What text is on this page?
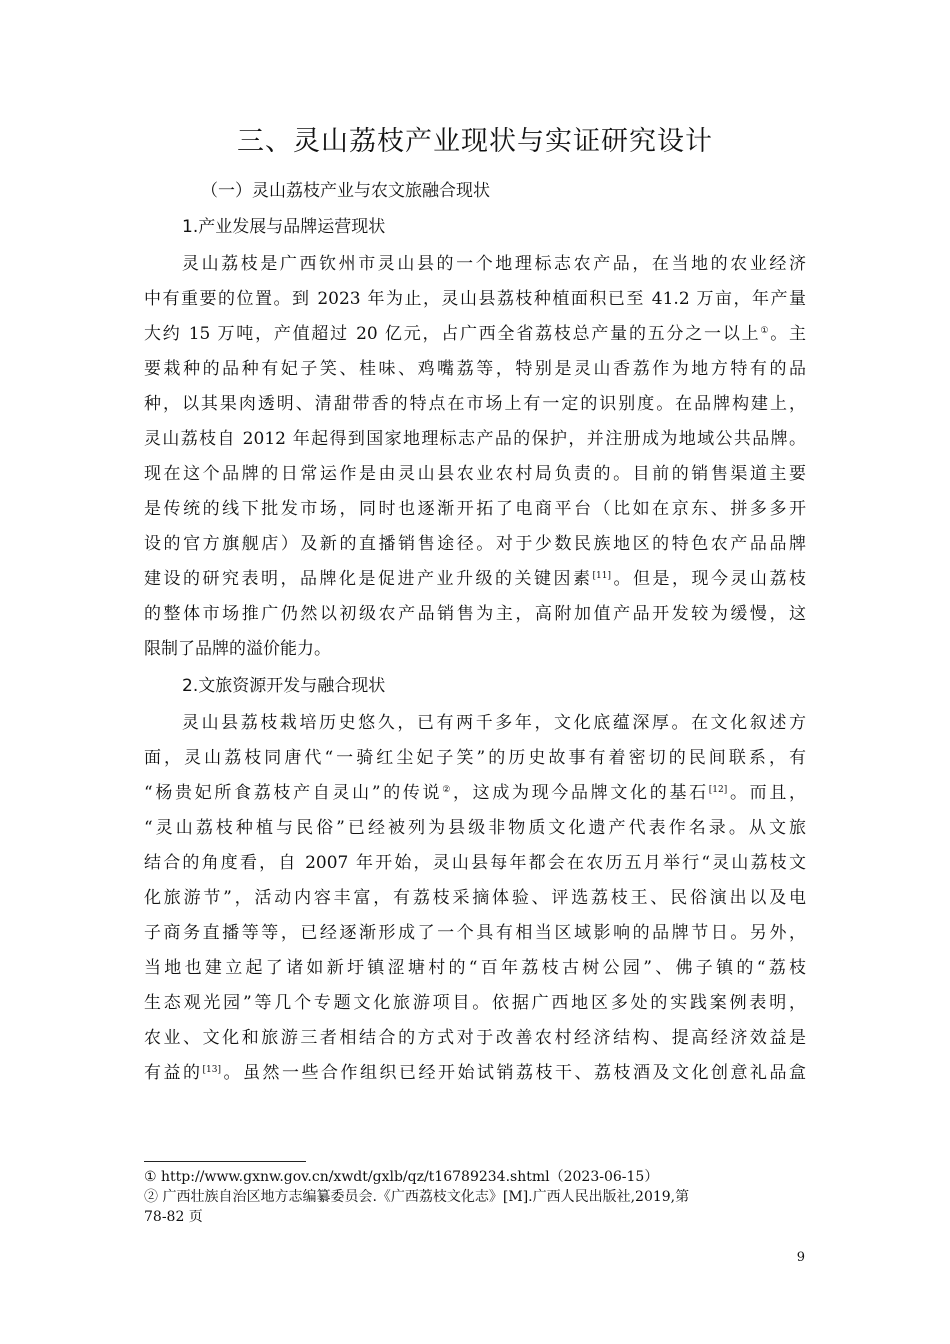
三、灵山荔枝产业现状与实证研究设计
（一）灵山荔枝产业与农文旅融合现状
1.产业发展与品牌运营现状
灵山荔枝是广西钦州市灵山县的一个地理标志农产品，在当地的农业经济
中有重要的位置。到 2023 年为止，灵山县荔枝种植面积已至 41.2 万亩，年产量
大约 15 万吨，产值超过 20 亿元，占广西全省荔枝总产量的五分之一以上①。主
要栽种的品种有妃子笑、桂味、鸡嘴荔等，特别是灵山香荔作为地方特有的品
种，以其果肉透明、清甜带香的特点在市场上有一定的识别度。在品牌构建上，
灵山荔枝自 2012 年起得到国家地理标志产品的保护，并注册成为地域公共品牌。
现在这个品牌的日常运作是由灵山县农业农村局负责的。目前的销售渠道主要
是传统的线下批发市场，同时也逐渐开拓了电商平台（比如在京东、拼多多开
设的官方旗舰店）及新的直播销售途径。对于少数民族地区的特色农产品品牌
建设的研究表明，品牌化是促进产业升级的关键因素[11]。但是，现今灵山荔枝
的整体市场推广仍然以初级农产品销售为主，高附加值产品开发较为缓慢，这
限制了品牌的溢价能力。
2.文旅资源开发与融合现状
灵山县荔枝栽培历史悠久，已有两千多年，文化底蕴深厚。在文化叙述方
面，灵山荔枝同唐代“一骑红尘妃子笑”的历史故事有着密切的民间联系，有
“杨贵妃所食荔枝产自灵山”的传说②，这成为现今品牌文化的基石[12]。而且，
“灵山荔枝种植与民俗”已经被列为县级非物质文化遗产代表作名录。从文旅
结合的角度看，自 2007 年开始，灵山县每年都会在农历五月举行“灵山荔枝文
化旅游节”，活动内容丰富，有荔枝采摘体验、评选荔枝王、民俗演出以及电
子商务直播等等，已经逐渐形成了一个具有相当区域影响的品牌节日。另外，
当地也建立起了诸如新圩镇涩塘村的“百年荔枝古树公园”、佛子镇的“荔枝
生态观光园”等几个专题文化旅游项目。依据广西地区多处的实践案例表明，
农业、文化和旅游三者相结合的方式对于改善农村经济结构、提高经济效益是
有益的[13]。虽然一些合作组织已经开始试销荔枝干、荔枝酒及文化创意礼品盒
① http://www.gxnw.gov.cn/xwdt/gxlb/qz/t16789234.shtml（2023-06-15）
② 广西壮族自治区地方志编纂委员会.《广西荔枝文化志》[M].广西人民出版社,2019,第
78-82 页
9
